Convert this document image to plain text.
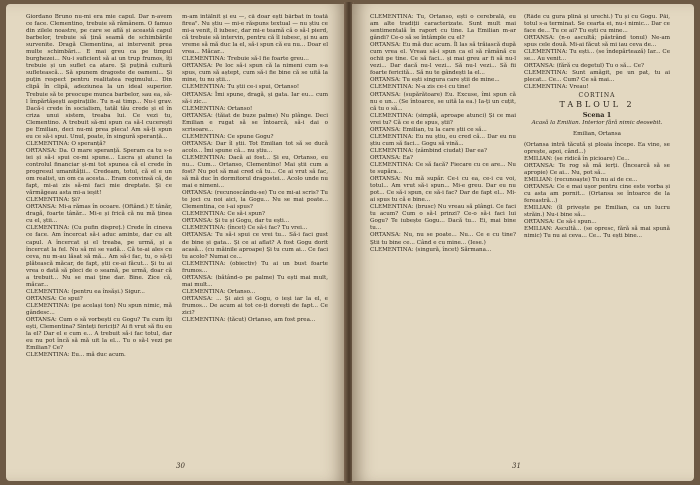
Giordano Bruno nu-mi era mie capul. Dar n-avem ce face. Clementino, trebuie să rămânem. O famuo din zilele noastre, pe care se află și această capul barbelor, trebuie să țină seamă de schimbările survenite. Dragă Clementina, ai intervenit prea multe schimbări... E mai greu ca pe timpul burghezei... Nu-i suficient să ai un trup frumos, îți trebuie și un suflet ca atare. Și puțină cultură sufletească... Să spunem dragoste de oameni... Și puțin respect pentru realitatea regimului... Din clipă în clipă, adeziunea la un ideal superior. Trebuie să te preocupe munca barbelor, sau ea, să-l împărtășești aspirațiile. Tu n-ai timp... Nu-i grav. Dacă-i crede în socialism, tatăl tău crede și el în criza unui sistem, treaba lui. Ce vezi tu, Clementino. A trebuit să-mi spun ca să-l cucerești pe Emilian, deci nu-mi prea pleca! Am să-ți spun eu ce să-i spui. Unul, poate, în singură speranță...

CLEMENTINA: O speranță?

ORTANSA: Da. O mare speranță. Speram ca tu s-o iei și să-i spui ce-mi spune... Lucra și atunci la controlul financiar și-mi tot spunea că el crede în progresul umanității... Credeam, totul, că el e un om realist, un om ca acesta... Eram convinsă că, de fapt, mi-ai zis să-mi faci mie dreptate. Și ce vărmăgeau asta mi-a ieșit!

CLEMENTINA: Și?

ORTANSA: Mi-a rămas în ocoare. (Oftând.) E tânăr, dragă, foarte tânăr... Mi-e și frică că nu mă ținea cu el, știi...

CLEMENTINA: (Cu pufin dispreț.) Crede în cineva ce face. Am încercat să-i aduc aminte, dar cu alt capul. A încercat și el treaba, pe urmă, și a încercat la fel. Nu să mi se vadă... Că te-ai ales cu ceva, nu m-au lăsat să mă... Am să-i fac, tu, o să-ți plătească măcar, de fapt, știi ce-ai făcut... Și tu ai vrea o dată să pleci de o seamă, pe urmă, doar că a trebuit... Nu se mai ține dar. Bine. Zice că, măcar...

CLEMENTINA: (pentru ea însăși.) Sigur...

ORTANSA: Ce spui?

CLEMENTINA: (pe același ton) Nu spun nimic, mă gândesc...

ORTANSA: Cum o să vorbești cu Gogu? Tu cum îți ești, Clementina? Sinteți fericiți? Ai fi vrut să fiu eu la el? Dar el e cum e... A trebuit să-i fac totul, dar eu nu pot încă să mă uit la el... Tu o să-l vezi pe Emilian? Ce?

CLEMENTINA: Eu... mă duc acum.

m-am întâlnit și eu —, că doar ești bărbat în toată firea". Nu știu — mi-e răspuns textual — nu știu ce mi-a venit, îl iubesc, dar mi-e teamă că o să-l pierd, că trebuie să intervin, pentru că îl iubesc, și nu am vreme să mă duc la el, să-i spun că eu nu... Doar el vrea... Măcar...

CLEMENTINA: Trebuie să-l fie foarte greu...

ORTANSA: Pe loc să-i spun că la nimeni cum s-a spus, cum să aștept, cum să-i fie bine că se uită la mine, tu nu știi...

CLEMENTINA: Tu știi ce-i spui, Ortanso!

ORTANSA: Îmi spune, dragă, și gata. Iar eu... cum să-i zic...

CLEMENTINA: Ortanso!

ORTANSA: (tăiat de buze palme) Nu plânge. Deci Emilian e rugat să se întoarcă, să-i dai o scrisoare...

CLEMENTINA: Ce spune Gogu?

ORTANSA: Dar îl știi. Tot Emilian tot să se ducă acolo... Îmi spune că... nu știu...

CLEMENTINA: Dacă ai fost... Și eu, Ortanso, eu nu... Cum... Ortanso, Clementino! Mai știi cum a fost? Nu pot să mai cred că tu... Ce ai vrut să fac, să mă duc în dormitorul dragostei... Acolo unde nu mai e nimeni...

ORTANSA: (recunoscându-se) Tu ce mi-ai scris? Tu te joci cu noi aici, la Gogu... Nu se mai poate... Clementina, ce i-ai spus?

CLEMENTINA: Ce să-i spun?

ORTANSA: Și tu și Gogu, dar tu ești...

CLEMENTINA: (încet) Ce să-i fac? Tu vrei...

ORTANSA: Tu să-i spui ce vrei tu... Să-i faci gust de bine și gata... Și ce ai aflat? A fost Gogu dorit acasă... (cu mâinile aproape) Și tu cum ai... Ce faci tu acolo? Numai ce...

CLEMENTINA: (obiectiv) Tu ai un bust foarte frumos...

ORTANSA: (bătând-o pe palme) Tu ești mai mult, mai mult...

CLEMENTINA: Ortanso...

ORTANSA: ... Și aici și Gogu, o ieși iar la el, e frumos... De acum ai tot ce-ți dorești de fapt... Ce zici?

CLEMENTINA: (tăcut) Ortanso, am fost prea...

30

CLEMENTINA: Tu, Ortanso, ești o cerebrală, eu am alte tradiții caracterizate. Sunt mult mai sentimentală în raport cu tine. La Emilian m-ar gândi? Ce-o să se întâmple cu el?

ORTANSA: Eu mă duc acum. Îl las să trăiască după cum vrea el. Vreau să-i spun ca el să rămână cu ochii pe tine. Ce să faci... și mai greu ar fi să nu-l vezi... Dar dacă nu-l vezi... Să nu-l vezi... Să fii foarte fericită... Să nu te gândești la el...

ORTANSA: Tu ești singura care știi de mine...

CLEMENTINA: N-a zis ce-i cu tine!

ORTANSA: (supărătoare) Eu. Excuse, îmi spun că nu e un... (Se întoarce, se uită la ea.) Ia-ți un cuțit, că tu o să...

CLEMENTINA: (simplă, aproape atunci) Și ce mai vrei tu? Că ce e de spus, știi?

ORTANSA: Emilian, tu la care știi ce să...

CLEMENTINA: Eu nu știu, eu cred că... Dar eu nu știu cum să faci... Gogu să vină...

CLEMENTINA: (zâmbind ciudat) Dar ea?

ORTANSA: Ea?

CLEMENTINA: Ce să facă? Fiecare cu ce are... Nu te supăra...

ORTANSA: Nu mă supăr. Ce-i cu ea, ce-i cu voi, totul... Am vrut să-i spun... Mi-e greu. Dar eu nu pot... Ce să-i spun, ce să-i fac? Dar de fapt el... Mi-ai spus tu că e bine...

CLEMENTINA: (brusc) Nu vreau să plângi. Ce faci tu acum? Cum o să-l prinzi? Ce-o să-i faci lui Gogu? Te iubește Gogu... Dacă tu... Ei, mai bine tu...

ORTANSA: Nu, nu se poate... Nu... Ce e cu tine? Știi tu bine ce... Când e cu mine... (Iese.)

CLEMENTINA: (singură, încet) Sărmana...

(Râde cu gura plină și urechi.) Tu și cu Gogu. Păi, totul s-a terminat. Se cearta ei, nu-i nimic... Dar ce face de... Tu ce ai? Tu ești cu mine...

ORTANSA: (n-o ascultă; păstrând tonul) Ne-am spus cele două. Mi-ai făcut să mi iau ceva de...

CLEMENTINA: Tu ești... (se îndepărtează) Iar... Ce se... Au venit...

ORTANSA: (fără cu degetul) Tu o să... Ce?

CLEMENTINA: Sunt amăgit, pe un pat, tu ai plecat... Ce... Cum? Ce să mai...

CLEMENTINA: Vreau!

CORTINA

TABLOUL 2

Scena 1

Acasă la Emilian. Interior fără nimic deosebit.

Emilian, Ortansa

(Ortansa intră tăcută și ploaia începe. Ea vine, se oprește, apoi, când...)

EMILIAN: (se ridică în picioare) Ce...

ORTANSA: Te rog să mă ierți. (Încearcă să se apropie) Ce ai... Nu, pot să...

EMILIAN: (recunoaște) Tu nu ai de ce...

ORTANSA: Ce e mai ușor pentru cine este vorba și cu asta am pornit... (Ortansa se întoarce de la fereastră...)

EMILIAN: (îl privește pe Emilian, ca un lucru străin.) Nu-i bine să...

ORTANSA: Ce să-i spun...

EMILIAN: Ascultă... (se opresc, fără să mai spună nimic) Tu nu ai ceva... Ce... Tu ești bine...

31
